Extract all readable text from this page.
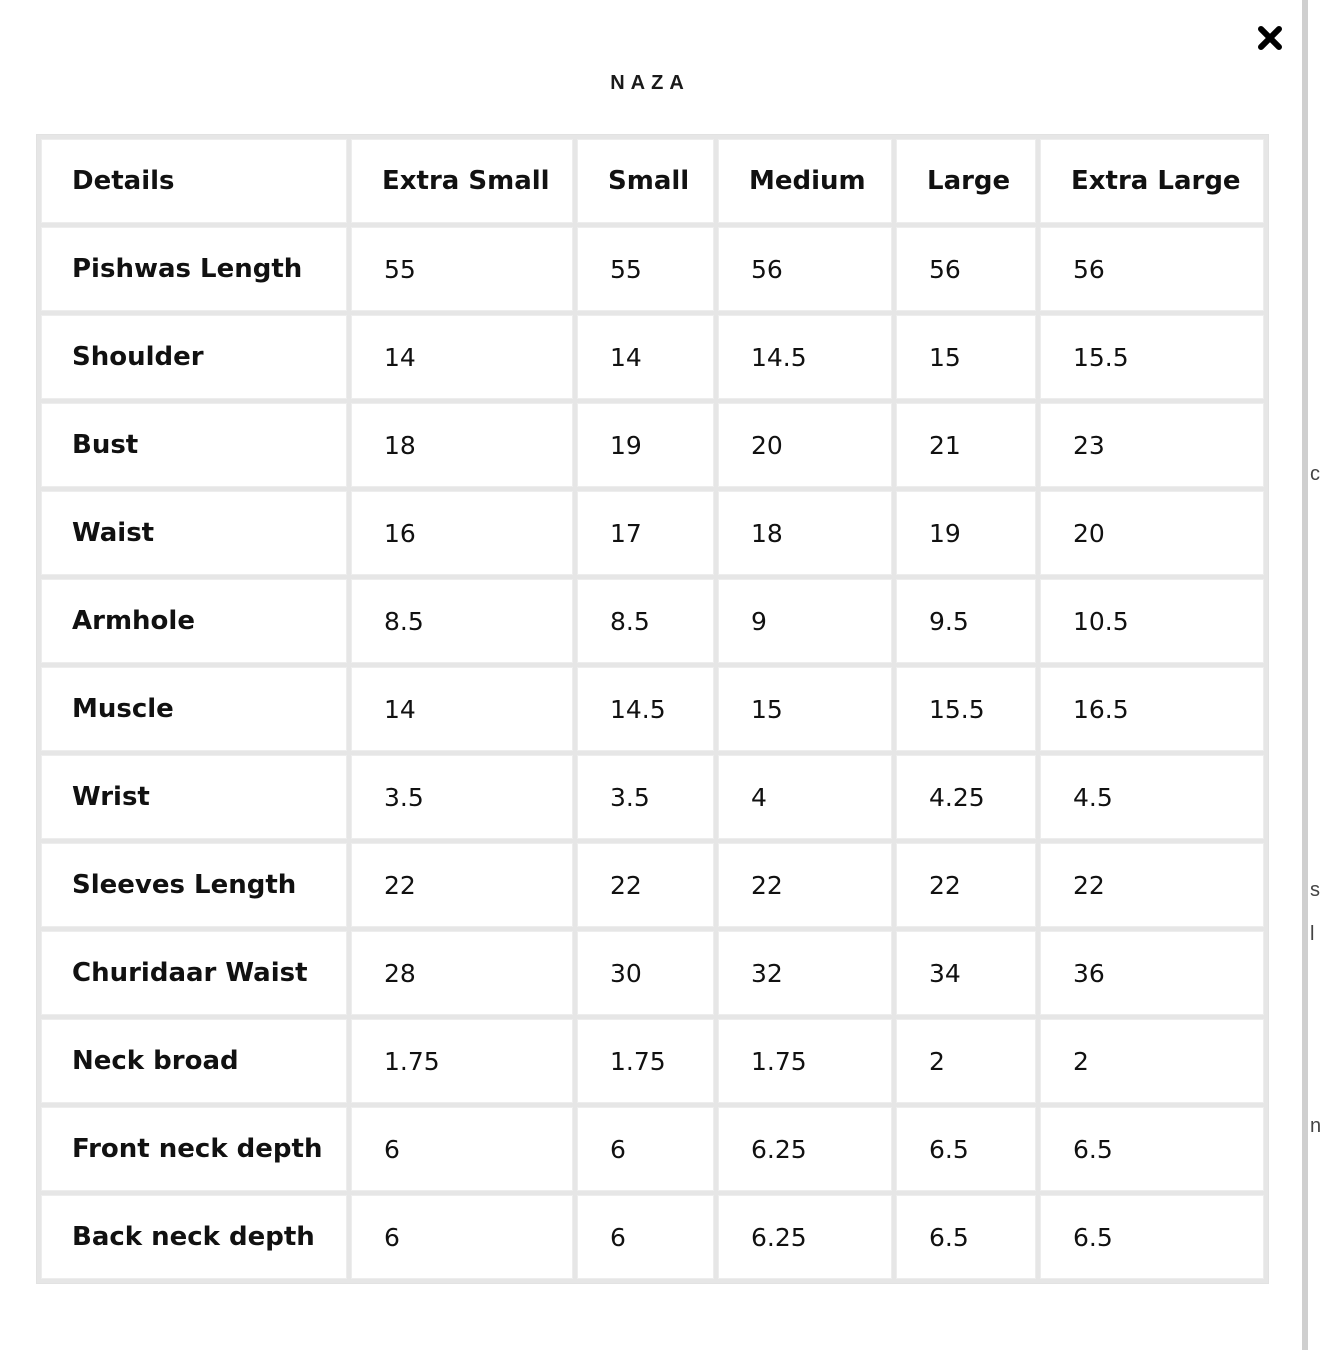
NAZA
Details	Extra Small	Small	Medium	Large	Extra Large
Pishwas Length	55	55	56	56	56
Shoulder	14	14	14.5	15	15.5
Bust	18	19	20	21	23
Waist	16	17	18	19	20
Armhole	8.5	8.5	9	9.5	10.5
Muscle	14	14.5	15	15.5	16.5
Wrist	3.5	3.5	4	4.25	4.5
Sleeves Length	22	22	22	22	22
Churidaar Waist	28	30	32	34	36
Neck broad	1.75	1.75	1.75	2	2
Front neck depth	6	6	6.25	6.5	6.5
Back neck depth	6	6	6.25	6.5	6.5
c
s
l
n
